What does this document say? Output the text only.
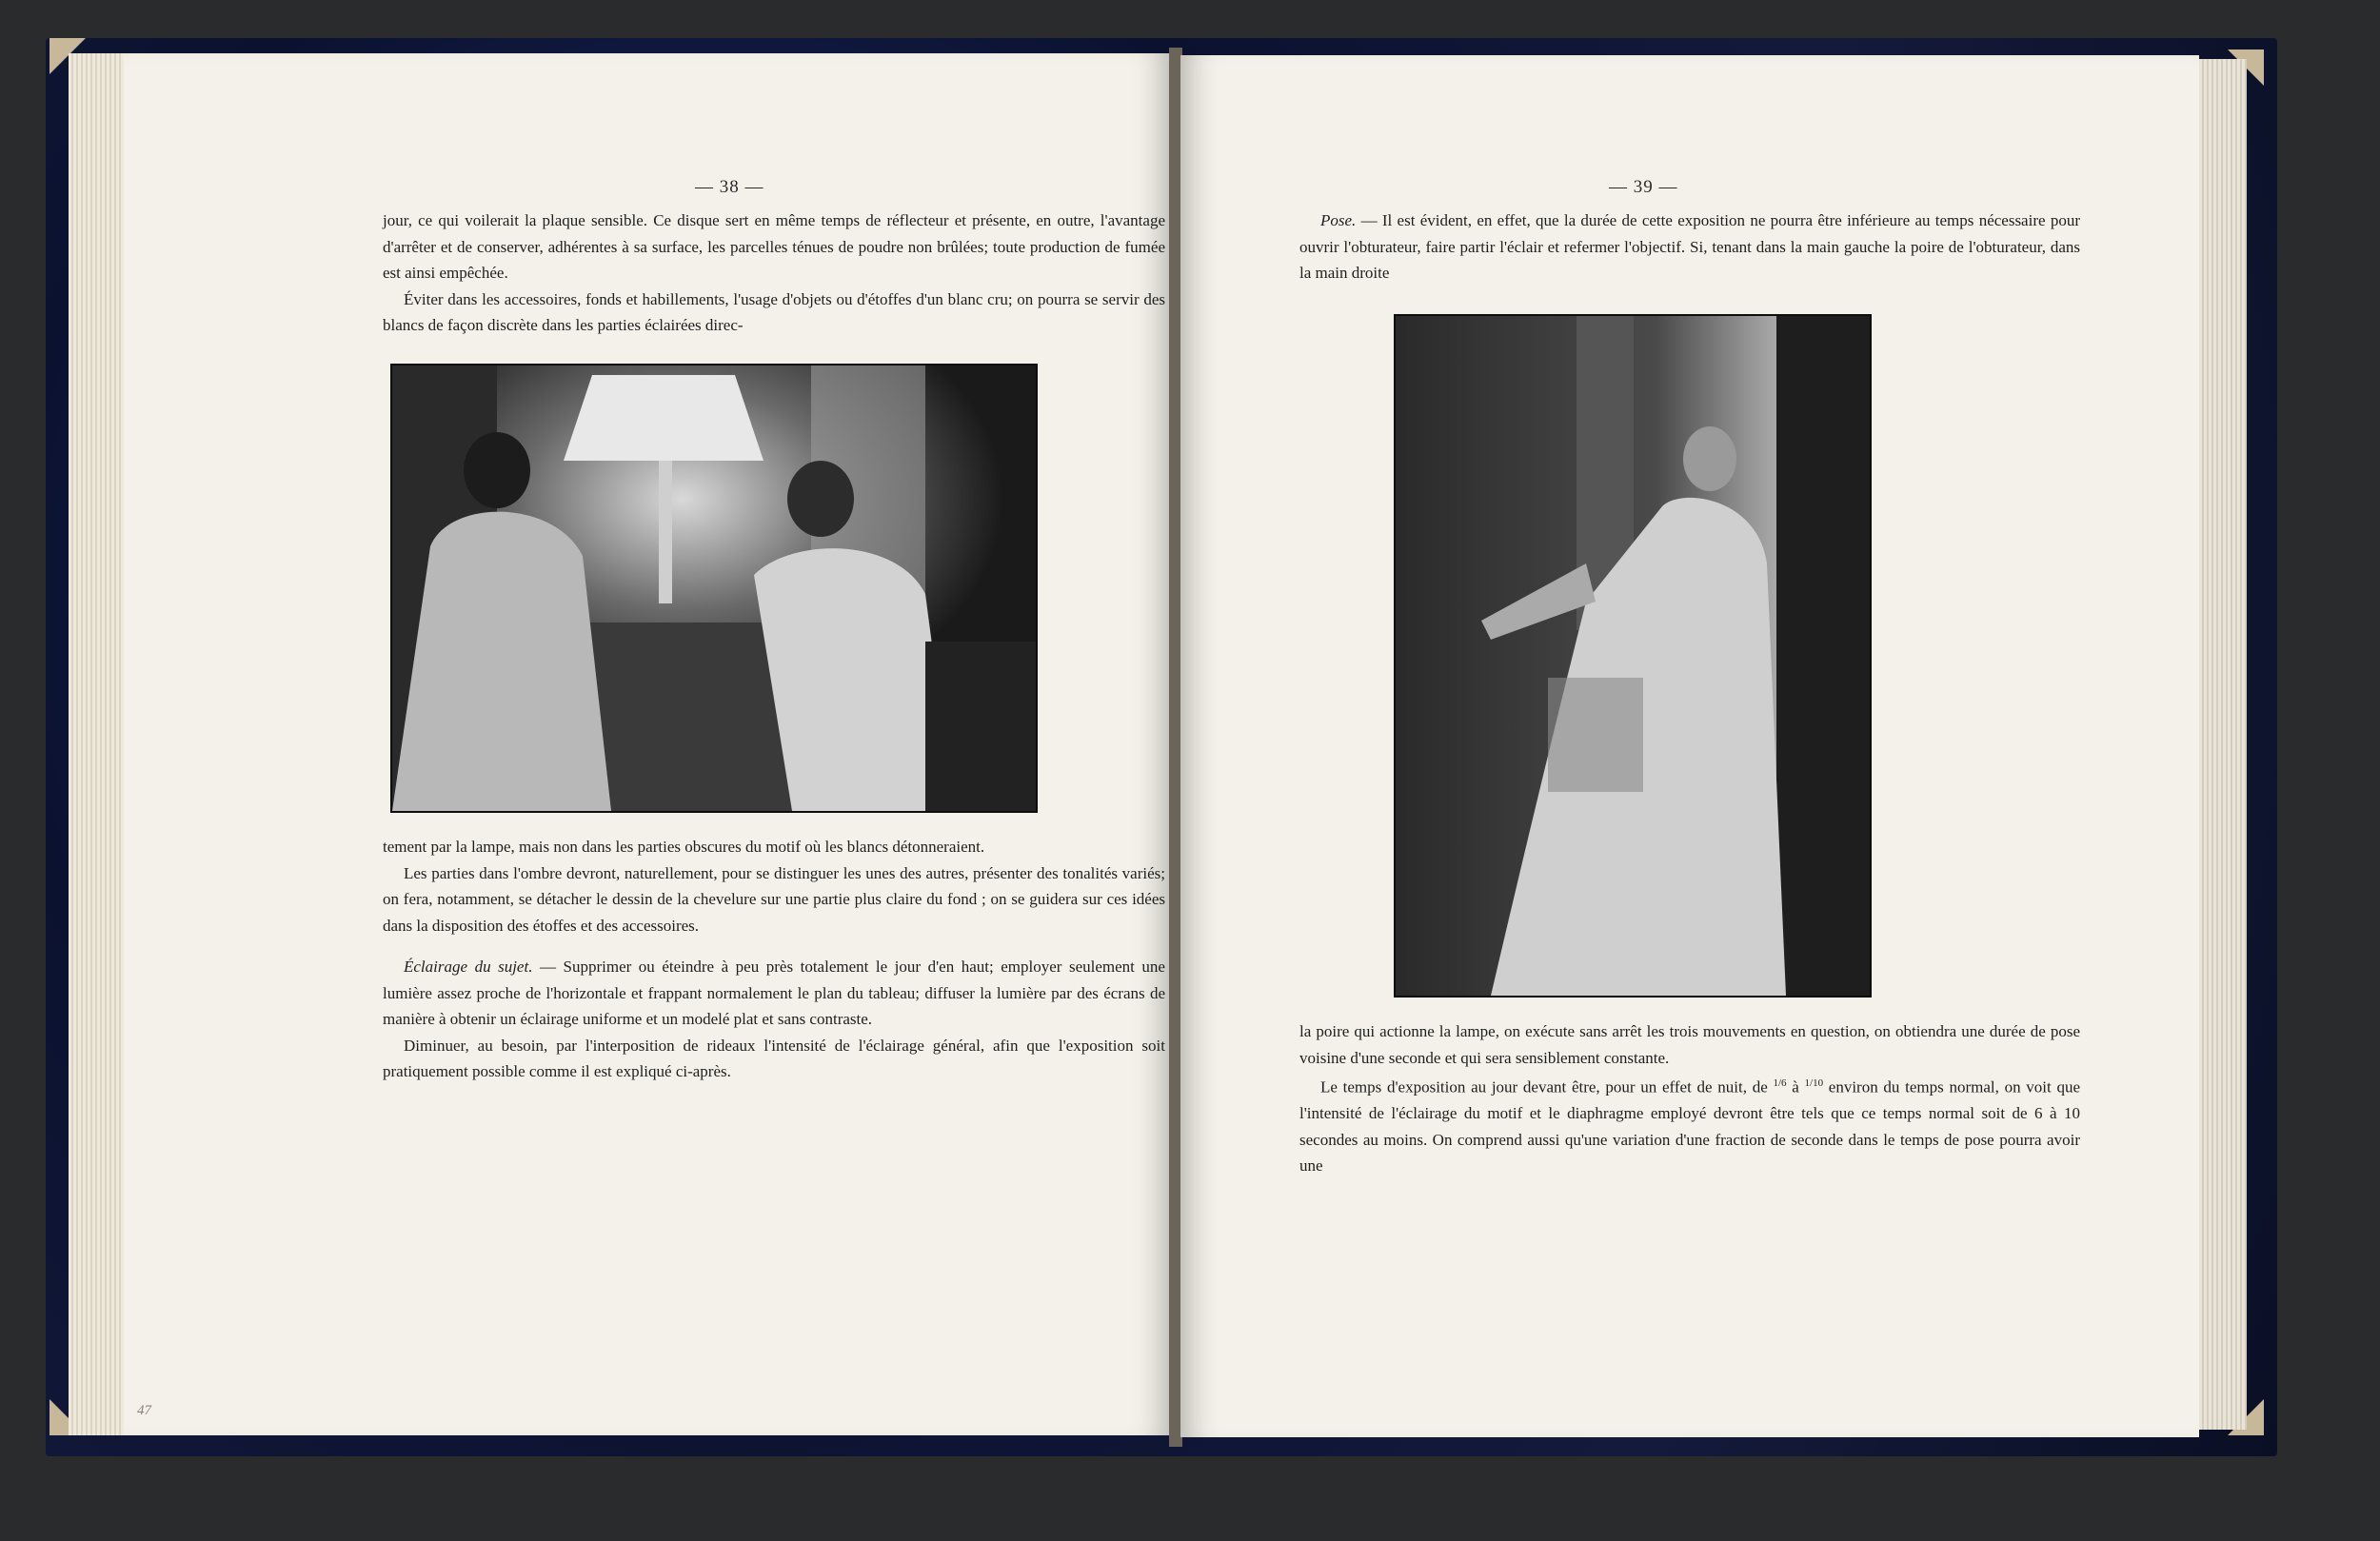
— 38 —

jour, ce qui voilerait la plaque sensible. Ce disque sert en même temps de réflecteur et présente, en outre, l'avantage d'arrêter et de conserver, adhérentes à sa surface, les parcelles ténues de poudre non brûlées; toute production de fumée est ainsi empêchée.

Éviter dans les accessoires, fonds et habillements, l'usage d'objets ou d'étoffes d'un blanc cru; on pourra se servir des blancs de façon discrète dans les parties éclairées direc-

tement par la lampe, mais non dans les parties obscures du motif où les blancs détonneraient.

Les parties dans l'ombre devront, naturellement, pour se distinguer les unes des autres, présenter des tonalités variés; on fera, notamment, se détacher le dessin de la chevelure sur une partie plus claire du fond ; on se guidera sur ces idées dans la disposition des étoffes et des accessoires.

Éclairage du sujet. — Supprimer ou éteindre à peu près totalement le jour d'en haut; employer seulement une lumière assez proche de l'horizontale et frappant normalement le plan du tableau; diffuser la lumière par des écrans de manière à obtenir un éclairage uniforme et un modelé plat et sans contraste.

Diminuer, au besoin, par l'interposition de rideaux l'intensité de l'éclairage général, afin que l'exposition soit pratiquement possible comme il est expliqué ci-après.

47
— 39 —

Pose. — Il est évident, en effet, que la durée de cette exposition ne pourra être inférieure au temps nécessaire pour ouvrir l'obturateur, faire partir l'éclair et refermer l'objectif. Si, tenant dans la main gauche la poire de l'obturateur, dans la main droite

la poire qui actionne la lampe, on exécute sans arrêt les trois mouvements en question, on obtiendra une durée de pose voisine d'une seconde et qui sera sensiblement constante.

Le temps d'exposition au jour devant être, pour un effet de nuit, de $^{1/6}$ à $^{1/10}$ environ du temps normal, on voit que l'intensité de l'éclairage du motif et le diaphragme employé devront être tels que ce temps normal soit de 6 à 10 secondes au moins. On comprend aussi qu'une variation d'une fraction de seconde dans le temps de pose pourra avoir une
